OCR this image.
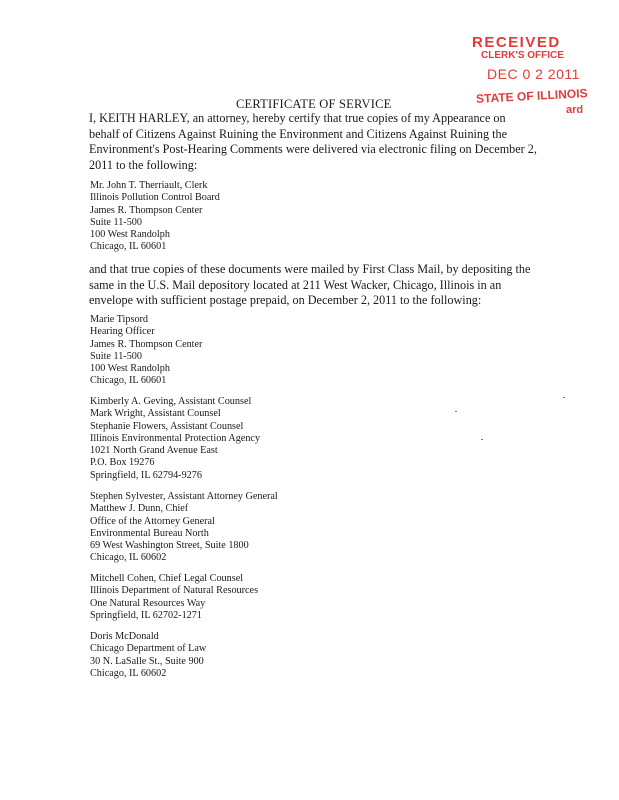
RECEIVED
CLERK'S OFFICE
DEC 0 2 2011
STATE OF ILLINOIS
ard
CERTIFICATE OF SERVICE

I, KEITH HARLEY, an attorney, hereby certify that true copies of my Appearance on behalf of Citizens Against Ruining the Environment and Citizens Against Ruining the Environment's Post-Hearing Comments were delivered via electronic filing on December 2, 2011 to the following:

Mr. John T. Therriault, Clerk
Illinois Pollution Control Board
James R. Thompson Center
Suite 11-500
100 West Randolph
Chicago, IL 60601

and that true copies of these documents were mailed by First Class Mail, by depositing the same in the U.S. Mail depository located at 211 West Wacker, Chicago, Illinois in an envelope with sufficient postage prepaid, on December 2, 2011 to the following:

Marie Tipsord
Hearing Officer
James R. Thompson Center
Suite 11-500
100 West Randolph
Chicago, IL 60601
Kimberly A. Geving, Assistant Counsel
Mark Wright, Assistant Counsel
Stephanie Flowers, Assistant Counsel
Illinois Environmental Protection Agency
1021 North Grand Avenue East
P.O. Box 19276
Springfield, IL 62794-9276
Stephen Sylvester, Assistant Attorney General
Matthew J. Dunn, Chief
Office of the Attorney General
Environmental Bureau North
69 West Washington Street, Suite 1800
Chicago, IL 60602
Mitchell Cohen, Chief Legal Counsel
Illinois Department of Natural Resources
One Natural Resources Way
Springfield, IL 62702-1271
Doris McDonald
Chicago Department of Law
30 N. LaSalle St., Suite 900
Chicago, IL 60602
